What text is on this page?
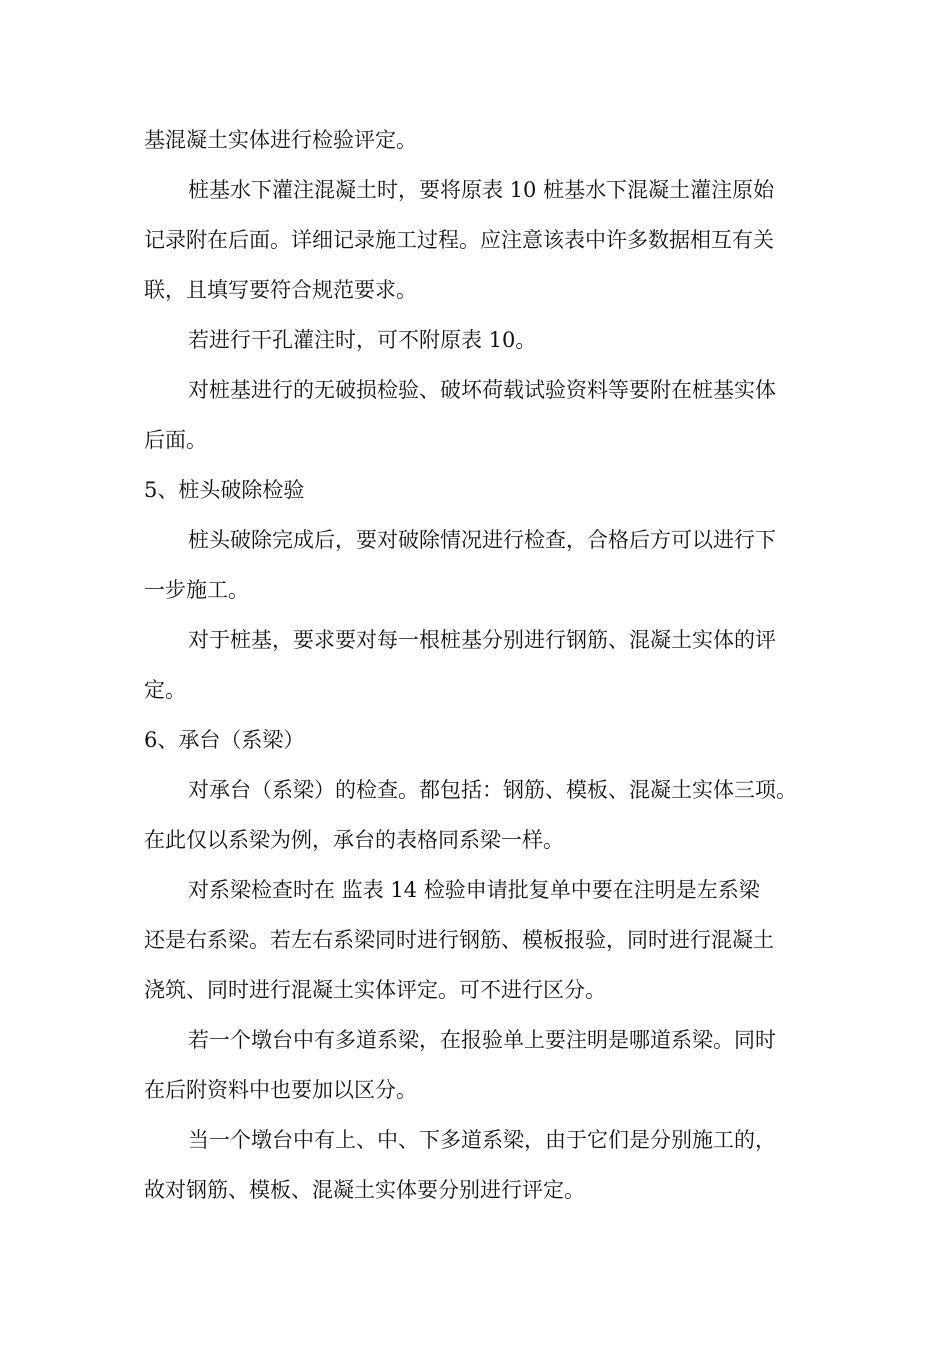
基混凝土实体进行检验评定。
桩基水下灌注混凝土时，要将原表 10 桩基水下混凝土灌注原始
记录附在后面。详细记录施工过程。应注意该表中许多数据相互有关
联，且填写要符合规范要求。
若进行干孔灌注时，可不附原表 10。
对桩基进行的无破损检验、破坏荷载试验资料等要附在桩基实体
后面。
5、桩头破除检验
桩头破除完成后，要对破除情况进行检查，合格后方可以进行下
一步施工。
对于桩基，要求要对每一根桩基分别进行钢筋、混凝土实体的评
定。
6、承台（系梁）
对承台（系梁）的检查。都包括：钢筋、模板、混凝土实体三项。
在此仅以系梁为例，承台的表格同系梁一样。
对系梁检查时在 监表 14 检验申请批复单中要在注明是左系梁
还是右系梁。若左右系梁同时进行钢筋、模板报验，同时进行混凝土
浇筑、同时进行混凝土实体评定。可不进行区分。
若一个墩台中有多道系梁，在报验单上要注明是哪道系梁。同时
在后附资料中也要加以区分。
当一个墩台中有上、中、下多道系梁，由于它们是分别施工的，
故对钢筋、模板、混凝土实体要分别进行评定。
